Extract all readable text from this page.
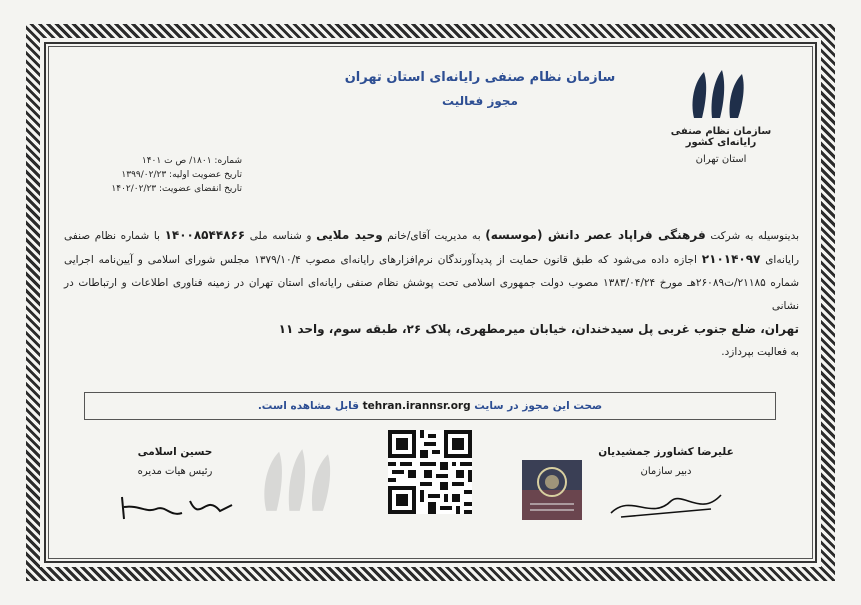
سازمان نظام صنفی رایانه‌ای استان تهران
مجوز فعالیت
سازمان نظام صنفی رایانه‌ای کشور
استان تهران
شماره: ۱۸۰۱/ ص ت ۱۴۰۱
تاریخ عضویت اولیه: ۱۳۹۹/۰۲/۲۳
تاریخ انقضای عضویت: ۱۴۰۲/۰۲/۲۳

بدینوسیله به شرکت فرهنگی فراپاد عصر دانش (موسسه) به مدیریت آقای/خانم وحید ملایی و شناسه ملی ۱۴۰۰۸۵۴۴۸۶۶ با شماره نظام صنفی رایانه‌ای ۲۱۰۱۴۰۹۷ اجازه داده می‌شود که طبق قانون حمایت از پدیدآورندگان نرم‌افزارهای رایانه‌ای مصوب ۱۳۷۹/۱۰/۴ مجلس شورای اسلامی و آیین‌نامه اجرایی شماره ۲۱۱۸۵/ت۲۶۰۸۹هـ مورخ ۱۳۸۳/۰۴/۲۴ مصوب دولت جمهوری اسلامی تحت پوشش نظام صنفی رایانه‌ای استان تهران در زمینه فناوری اطلاعات و ارتباطات در نشانی

تهران، ضلع جنوب غربی پل سیدخندان، خیابان میرمطهری، پلاک ۲۶، طبقه سوم، واحد ۱۱

به فعالیت بپردازد.

صحت این مجوز در سایت tehran.irannsr.org قابل مشاهده است.
علیرضا کشاورز جمشیدیان
دبیر سازمان
حسین اسلامی
رئیس هیات مدیره
